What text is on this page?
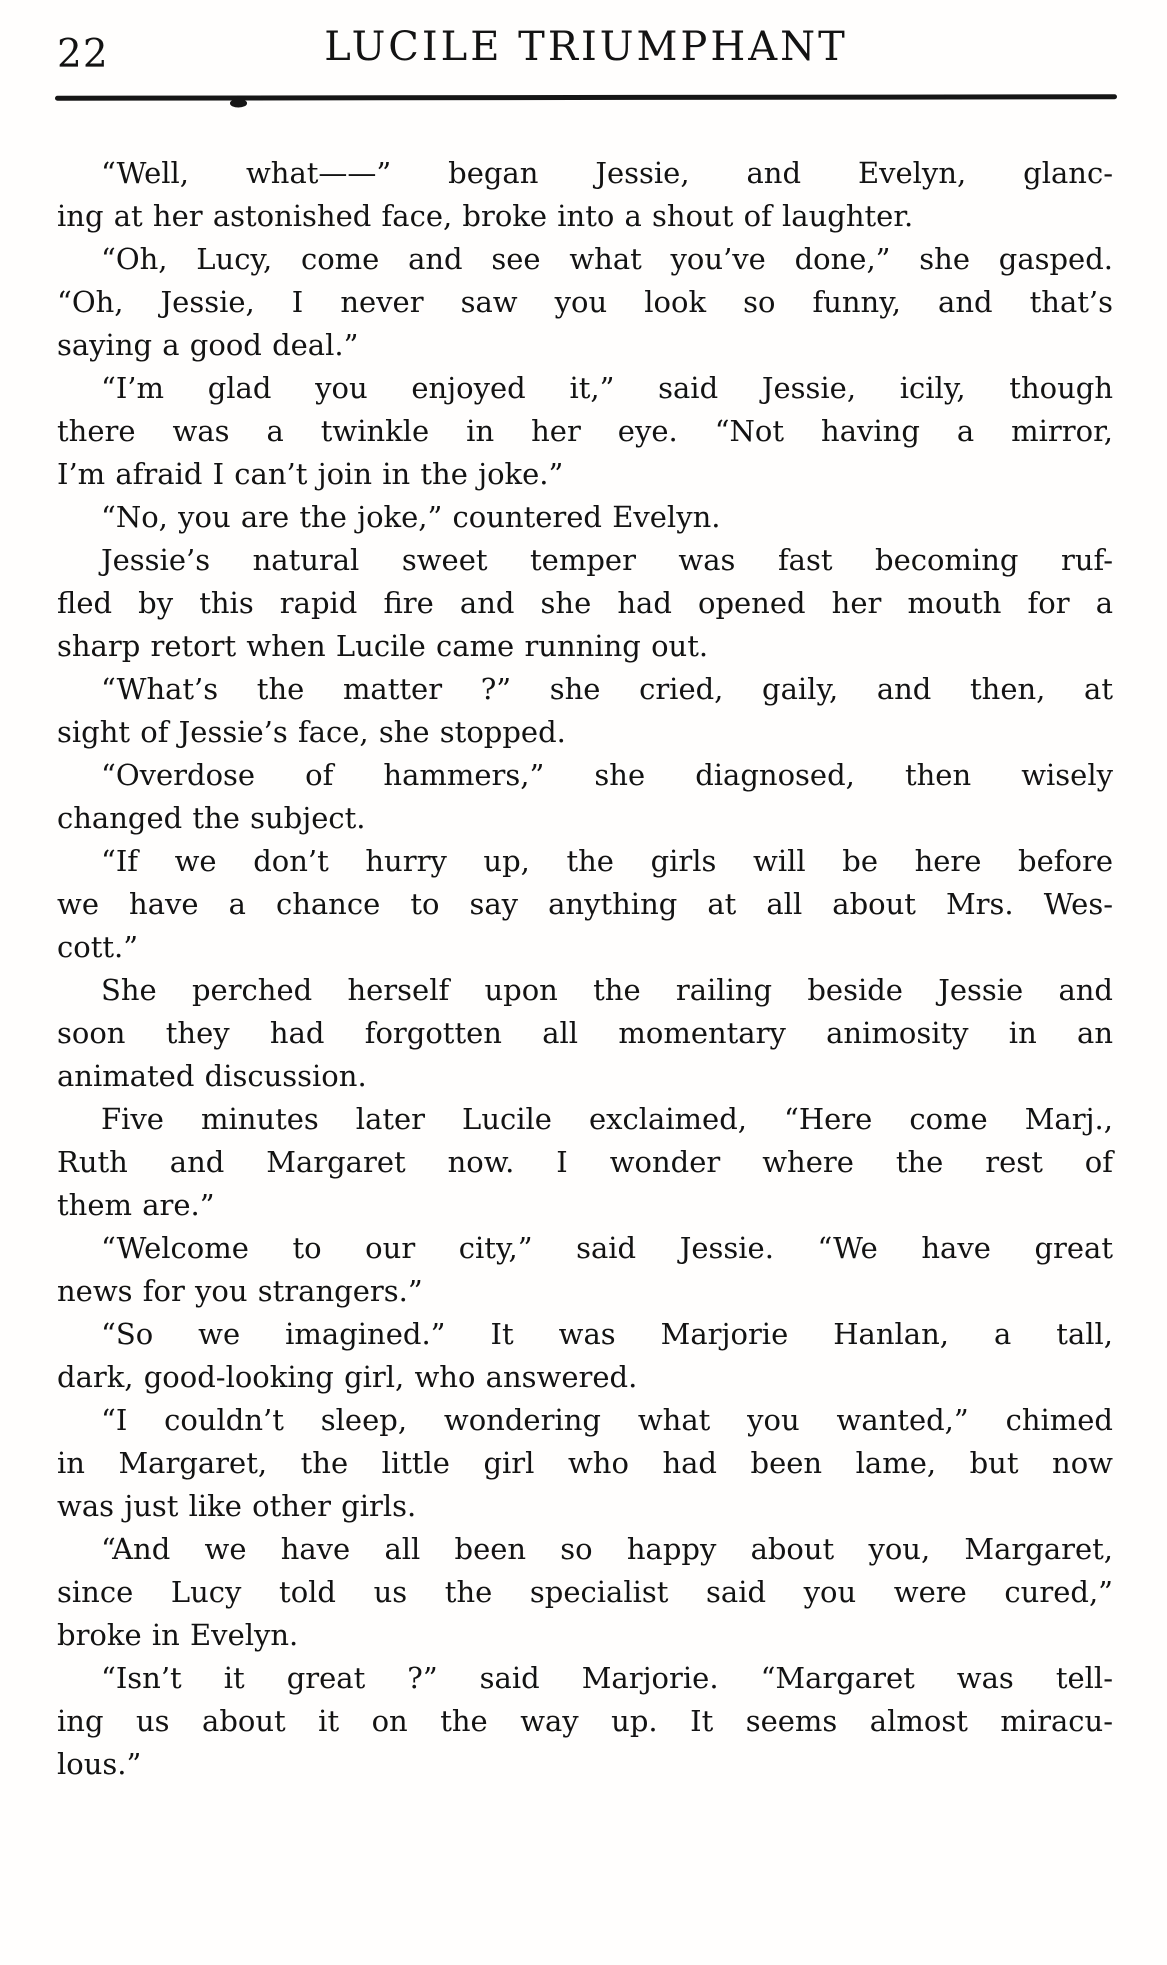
22	LUCILE TRIUMPHANT
“Well, what——” began Jessie, and Evelyn, glanc-
ing at her astonished face, broke into a shout of laughter.
“Oh, Lucy, come and see what you’ve done,” she gasped.
“Oh, Jessie, I never saw you look so funny, and that’s
saying a good deal.”
“I’m glad you enjoyed it,” said Jessie, icily, though
there was a twinkle in her eye. “Not having a mirror,
I’m afraid I can’t join in the joke.”
“No, you are the joke,” countered Evelyn.
Jessie’s natural sweet temper was fast becoming ruf-
fled by this rapid fire and she had opened her mouth for a
sharp retort when Lucile came running out.
“What’s the matter ?” she cried, gaily, and then, at
sight of Jessie’s face, she stopped.
“Overdose of hammers,” she diagnosed, then wisely
changed the subject.
“If we don’t hurry up, the girls will be here before
we have a chance to say anything at all about Mrs. Wes-
cott.”
She perched herself upon the railing beside Jessie and
soon they had forgotten all momentary animosity in an
animated discussion.
Five minutes later Lucile exclaimed, “Here come Marj.,
Ruth and Margaret now. I wonder where the rest of
them are.”
“Welcome to our city,” said Jessie. “We have great
news for you strangers.”
“So we imagined.” It was Marjorie Hanlan, a tall,
dark, good-looking girl, who answered.
“I couldn’t sleep, wondering what you wanted,” chimed
in Margaret, the little girl who had been lame, but now
was just like other girls.
“And we have all been so happy about you, Margaret,
since Lucy told us the specialist said you were cured,”
broke in Evelyn.
“Isn’t it great ?” said Marjorie. “Margaret was tell-
ing us about it on the way up. It seems almost miracu-
lous.”
